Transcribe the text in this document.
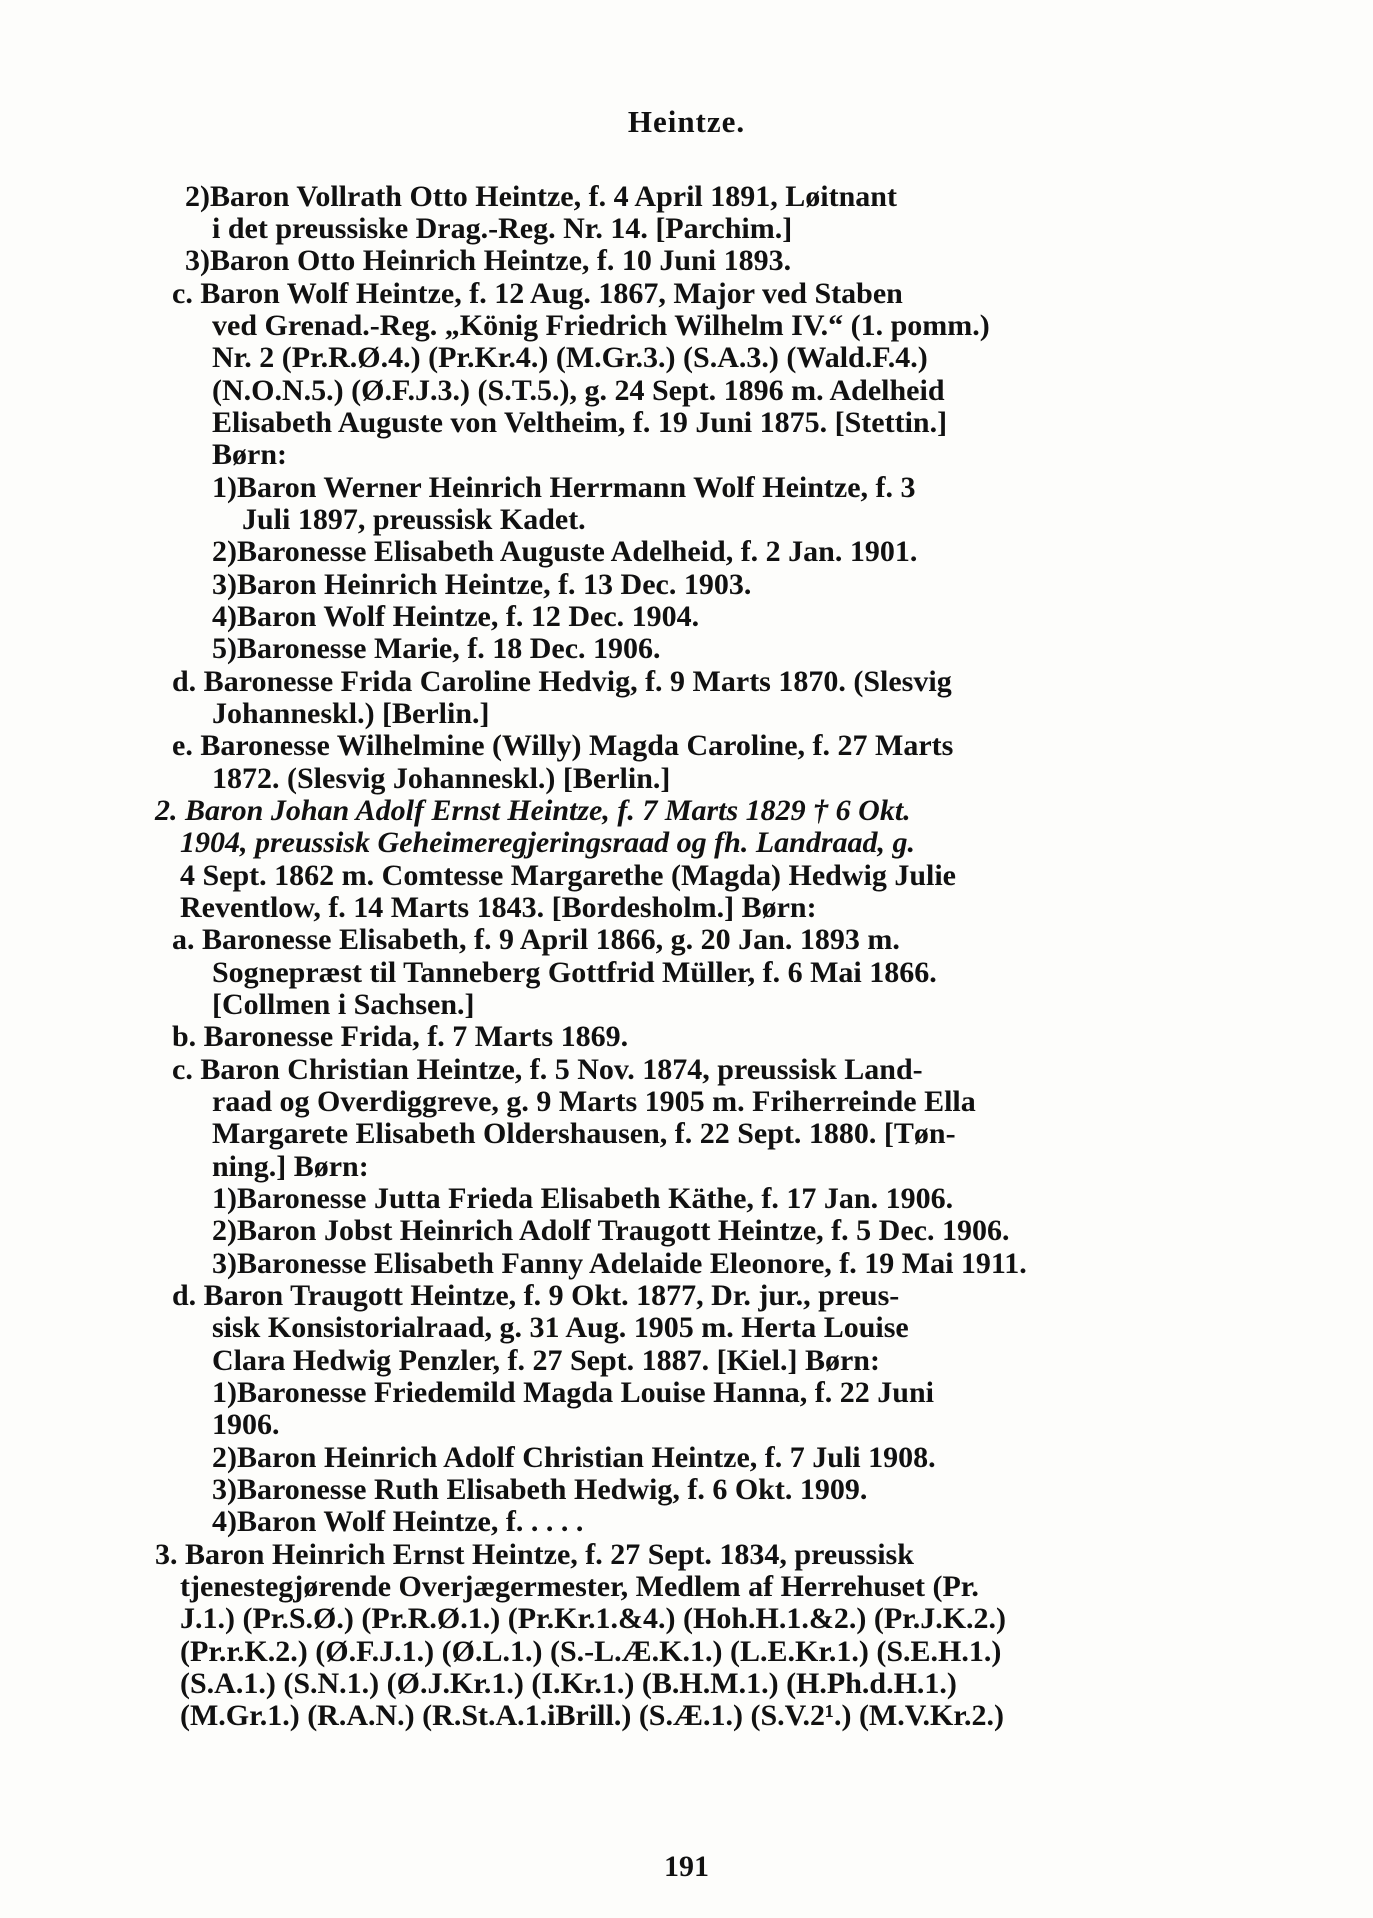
Heintze.
2)Baron Vollrath Otto Heintze, f. 4 April 1891, Løitnant
i det preussiske Drag.-Reg. Nr. 14. [Parchim.]
3)Baron Otto Heinrich Heintze, f. 10 Juni 1893.
c. Baron Wolf Heintze, f. 12 Aug. 1867, Major ved Staben
ved Grenad.-Reg. „König Friedrich Wilhelm IV.“ (1. pomm.)
Nr. 2 (Pr.R.Ø.4.) (Pr.Kr.4.) (M.Gr.3.) (S.A.3.) (Wald.F.4.)
(N.O.N.5.) (Ø.F.J.3.) (S.T.5.), g. 24 Sept. 1896 m. Adelheid
Elisabeth Auguste von Veltheim, f. 19 Juni 1875. [Stettin.]
Børn:
1)Baron Werner Heinrich Herrmann Wolf Heintze, f. 3
Juli 1897, preussisk Kadet.
2)Baronesse Elisabeth Auguste Adelheid, f. 2 Jan. 1901.
3)Baron Heinrich Heintze, f. 13 Dec. 1903.
4)Baron Wolf Heintze, f. 12 Dec. 1904.
5)Baronesse Marie, f. 18 Dec. 1906.
d. Baronesse Frida Caroline Hedvig, f. 9 Marts 1870. (Slesvig
Johanneskl.) [Berlin.]
e. Baronesse Wilhelmine (Willy) Magda Caroline, f. 27 Marts
1872. (Slesvig Johanneskl.) [Berlin.]
2. Baron Johan Adolf Ernst Heintze, f. 7 Marts 1829 † 6 Okt.
1904, preussisk Geheimeregjeringsraad og fh. Landraad, g.
4 Sept. 1862 m. Comtesse Margarethe (Magda) Hedwig Julie
Reventlow, f. 14 Marts 1843. [Bordesholm.] Børn:
a. Baronesse Elisabeth, f. 9 April 1866, g. 20 Jan. 1893 m.
Sognepræst til Tanneberg Gottfrid Müller, f. 6 Mai 1866.
[Collmen i Sachsen.]
b. Baronesse Frida, f. 7 Marts 1869.
c. Baron Christian Heintze, f. 5 Nov. 1874, preussisk Land-
raad og Overdiggreve, g. 9 Marts 1905 m. Friherreinde Ella
Margarete Elisabeth Oldershausen, f. 22 Sept. 1880. [Tøn-
ning.] Børn:
1)Baronesse Jutta Frieda Elisabeth Käthe, f. 17 Jan. 1906.
2)Baron Jobst Heinrich Adolf Traugott Heintze, f. 5 Dec. 1906.
3)Baronesse Elisabeth Fanny Adelaide Eleonore, f. 19 Mai 1911.
d. Baron Traugott Heintze, f. 9 Okt. 1877, Dr. jur., preus-
sisk Konsistorialraad, g. 31 Aug. 1905 m. Herta Louise
Clara Hedwig Penzler, f. 27 Sept. 1887. [Kiel.] Børn:
1)Baronesse Friedemild Magda Louise Hanna, f. 22 Juni
1906.
2)Baron Heinrich Adolf Christian Heintze, f. 7 Juli 1908.
3)Baronesse Ruth Elisabeth Hedwig, f. 6 Okt. 1909.
4)Baron Wolf Heintze, f. . . . .
3. Baron Heinrich Ernst Heintze, f. 27 Sept. 1834, preussisk
tjenestegjørende Overjægermester, Medlem af Herrehuset (Pr.
J.1.) (Pr.S.Ø.) (Pr.R.Ø.1.) (Pr.Kr.1.&4.) (Hoh.H.1.&2.) (Pr.J.K.2.)
(Pr.r.K.2.) (Ø.F.J.1.) (Ø.L.1.) (S.-L.Æ.K.1.) (L.E.Kr.1.) (S.E.H.1.)
(S.A.1.) (S.N.1.) (Ø.J.Kr.1.) (I.Kr.1.) (B.H.M.1.) (H.Ph.d.H.1.)
(M.Gr.1.) (R.A.N.) (R.St.A.1.iBrill.) (S.Æ.1.) (S.V.2¹.) (M.V.Kr.2.)
191
